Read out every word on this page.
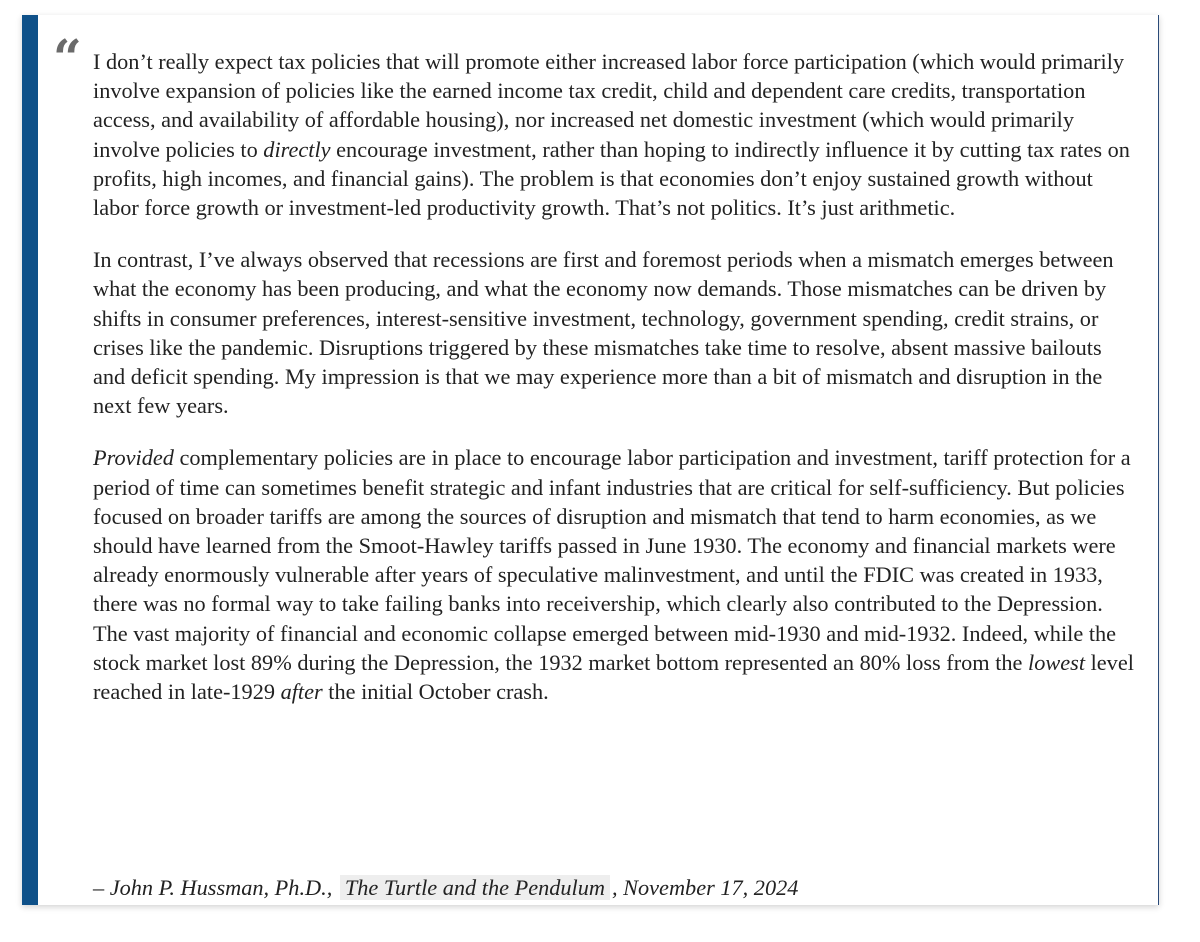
“ I don’t really expect tax policies that will promote either increased labor force participation (which would primarily involve expansion of policies like the earned income tax credit, child and dependent care credits, transportation access, and availability of affordable housing), nor increased net domestic investment (which would primarily involve policies to directly encourage investment, rather than hoping to indirectly influence it by cutting tax rates on profits, high incomes, and financial gains). The problem is that economies don’t enjoy sustained growth without labor force growth or investment-led productivity growth. That’s not politics. It’s just arithmetic.

In contrast, I’ve always observed that recessions are first and foremost periods when a mismatch emerges between what the economy has been producing, and what the economy now demands. Those mismatches can be driven by shifts in consumer preferences, interest-sensitive investment, technology, government spending, credit strains, or crises like the pandemic. Disruptions triggered by these mismatches take time to resolve, absent massive bailouts and deficit spending. My impression is that we may experience more than a bit of mismatch and disruption in the next few years.

Provided complementary policies are in place to encourage labor participation and investment, tariff protection for a period of time can sometimes benefit strategic and infant industries that are critical for self-sufficiency. But policies focused on broader tariffs are among the sources of disruption and mismatch that tend to harm economies, as we should have learned from the Smoot-Hawley tariffs passed in June 1930. The economy and financial markets were already enormously vulnerable after years of speculative malinvestment, and until the FDIC was created in 1933, there was no formal way to take failing banks into receivership, which clearly also contributed to the Depression. The vast majority of financial and economic collapse emerged between mid-1930 and mid-1932. Indeed, while the stock market lost 89% during the Depression, the 1932 market bottom represented an 80% loss from the lowest level reached in late-1929 after the initial October crash.

– John P. Hussman, Ph.D., The Turtle and the Pendulum , November 17, 2024
